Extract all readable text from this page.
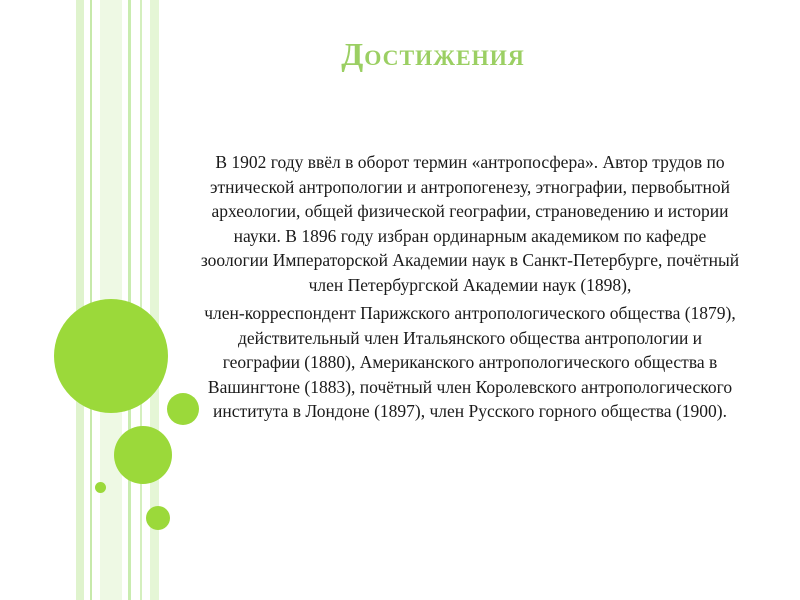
Достижения

В 1902 году ввёл в оборот термин «антропосфера». Автор трудов по этнической антропологии и антропогенезу, этнографии, первобытной археологии, общей физической географии, страноведению и истории науки. В 1896 году избран ординарным академиком по кафедре зоологии Императорской Академии наук в Санкт-Петербурге, почётный член Петербургской Академии наук (1898),

член-корреспондент Парижского антропологического общества (1879), действительный член Итальянского общества антропологии и географии (1880), Американского антропологического общества в Вашингтоне (1883), почётный член Королевского антропологического института в Лондоне (1897), член Русского горного общества (1900).
